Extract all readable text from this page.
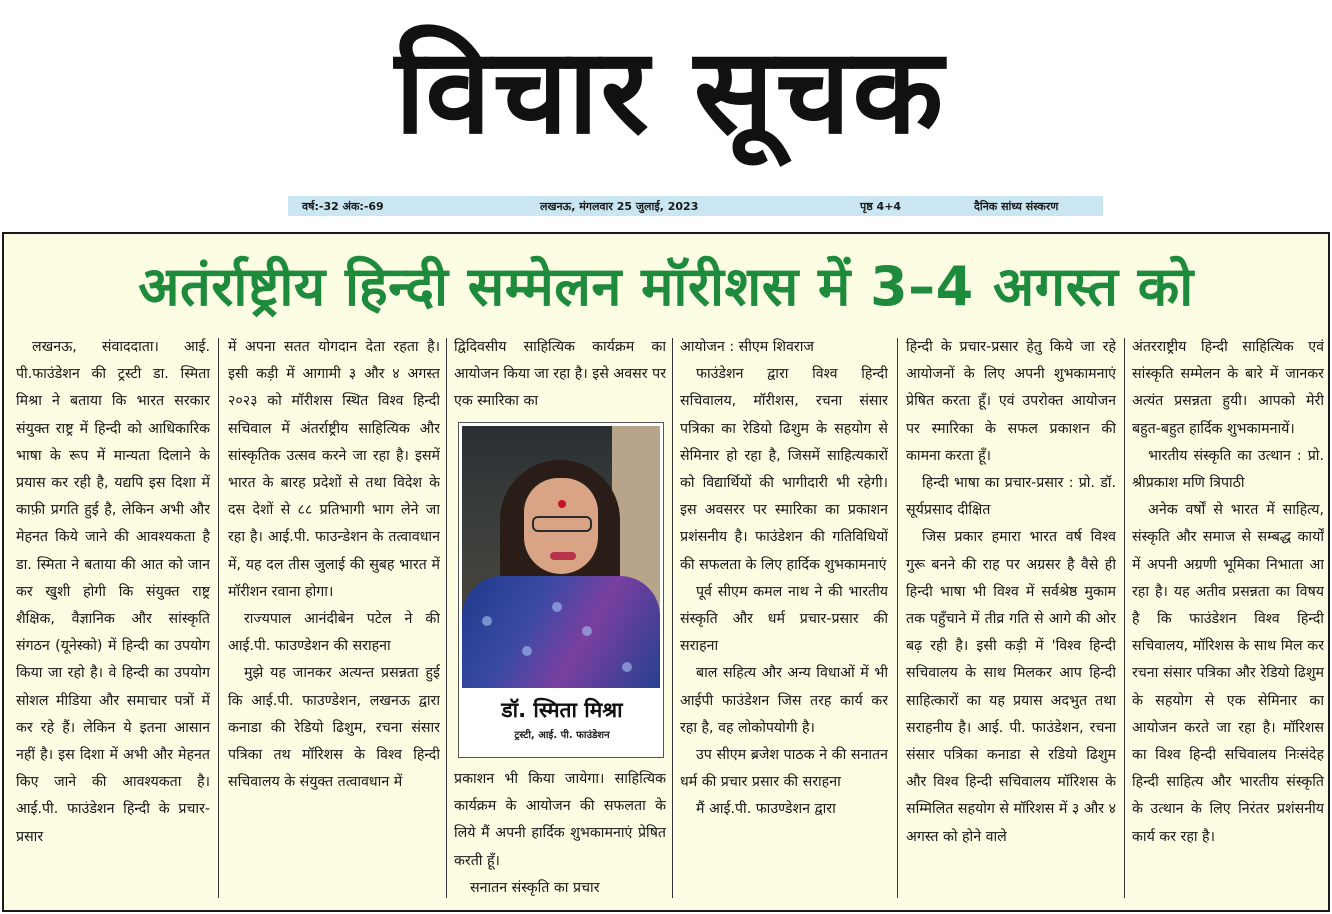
विचार सूचक
वर्ष:-32 अंक:-69	लखनऊ, मंगलवार 25 जुलाई, 2023	पृष्ठ 4+4	दैनिक सांध्य संस्करण
अतंर्राष्ट्रीय हिन्दी सम्मेलन मॉरीशस में 3–4 अगस्त को

लखनऊ, संवाददाता। आई. पी.फाउंडेशन की ट्रस्टी डा. स्मिता मिश्रा ने बताया कि भारत सरकार संयुक्त राष्ट्र में हिन्दी को आधिकारिक भाषा के रूप में मान्यता दिलाने के प्रयास कर रही है, यद्यपि इस दिशा में काफ़ी प्रगति हुई है, लेकिन अभी और मेहनत किये जाने की आवश्यकता है डा. स्मिता ने बताया की आत को जान कर खुशी होगी कि संयुक्त राष्ट्र शैक्षिक, वैज्ञानिक और सांस्कृति संगठन (यूनेस्को) में हिन्दी का उपयोग किया जा रहो है। वे हिन्दी का उपयोग सोशल मीडिया और समाचार पत्रों में कर रहे हैं। लेकिन ये इतना आसान नहीं है। इस दिशा में अभी और मेहनत किए जाने की आवश्यकता है। आई.पी. फाउंडेशन हिन्दी के प्रचार-प्रसार

में अपना सतत योगदान देता रहता है। इसी कड़ी में आगामी ३ और ४ अगस्त २०२३ को मॉरीशस स्थित विश्व हिन्दी सचिवाल में अंतर्राष्ट्रीय साहित्यिक और सांस्कृतिक उत्सव करने जा रहा है। इसमें भारत के बारह प्रदेशों से तथा विदेश के दस देशों से ८८ प्रतिभागी भाग लेने जा रहा है। आई.पी. फाउन्डेशन के तत्वावधान में, यह दल तीस जुलाई की सुबह भारत में मॉरीशन रवाना होगा।

राज्यपाल आनंदीबेन पटेल ने की आई.पी. फाउण्डेशन की सराहना

मुझे यह जानकर अत्यन्त प्रसन्नता हुई कि आई.पी. फाउण्डेशन, लखनऊ द्वारा कनाडा की रेडियो ढिशुम, रचना संसार पत्रिका तथ मॉरिशस के विश्व हिन्दी सचिवालय के संयुक्त तत्वावधान में

द्विदिवसीय साहित्यिक कार्यक्रम का आयोजन किया जा रहा है। इसे अवसर पर एक स्मारिका का

डॉ. स्मिता मिश्रा
ट्रस्टी, आई. पी. फाउंडेशन

प्रकाशन भी किया जायेगा। साहित्यिक कार्यक्रम के आयोजन की सफलता के लिये मैं अपनी हार्दिक शुभकामनाएं प्रेषित करती हूँ।

सनातन संस्कृति का प्रचार

आयोजन : सीएम शिवराज

फाउंडेशन द्वारा विश्व हिन्दी सचिवालय, मॉरीशस, रचना संसार पत्रिका का रेडियो ढिशुम के सहयोग से सेमिनार हो रहा है, जिसमें साहित्यकारों को विद्यार्थियों की भागीदारी भी रहेगी। इस अवसरर पर स्मारिका का प्रकाशन प्रशंसनीय है। फाउंडेशन की गतिविधियों की सफलता के लिए हार्दिक शुभकामनाएं

पूर्व सीएम कमल नाथ ने की भारतीय संस्कृति और धर्म प्रचार-प्रसार की सराहना

बाल सहित्य और अन्य विधाओं में भी आईपी फाउंडेशन जिस तरह कार्य कर रहा है, वह लोकोपयोगी है।

उप सीएम ब्रजेश पाठक ने की सनातन धर्म की प्रचार प्रसार की सराहना

मैं आई.पी. फाउण्डेशन द्वारा

हिन्दी के प्रचार-प्रसार हेतु किये जा रहे आयोजनों के लिए अपनी शुभकामनाएं प्रेषित करता हूँ। एवं उपरोक्त आयोजन पर स्मारिका के सफल प्रकाशन की कामना करता हूँ।

हिन्दी भाषा का प्रचार-प्रसार : प्रो. डॉ. सूर्यप्रसाद दीक्षित

जिस प्रकार हमारा भारत वर्ष विश्व गुरू बनने की राह पर अग्रसर है वैसे ही हिन्दी भाषा भी विश्व में सर्वश्रेष्ठ मुकाम तक पहुँचाने में तीव्र गति से आगे की ओर बढ़ रही है। इसी कड़ी में 'विश्व हिन्दी सचिवालय के साथ मिलकर आप हिन्दी साहित्कारों का यह प्रयास अदभुत तथा सराहनीय है। आई. पी. फाउंडेशन, रचना संसार पत्रिका कनाडा से रडियो ढिशुम और विश्व हिन्दी सचिवालय मॉरिशस के सम्मिलित सहयोग से मॉरिशस में ३ और ४ अगस्त को होने वाले

अंतरराष्ट्रीय हिन्दी साहित्यिक एवं सांस्कृति सम्मेलन के बारे में जानकर अत्यंत प्रसन्नता हुयी। आपको मेरी बहुत-बहुत हार्दिक शुभकामनायें।

भारतीय संस्कृति का उत्थान : प्रो. श्रीप्रकाश मणि त्रिपाठी

अनेक वर्षों से भारत में साहित्य, संस्कृति और समाज से सम्बद्ध कार्यों में अपनी अग्रणी भूमिका निभाता आ रहा है। यह अतीव प्रसन्नता का विषय है कि फाउंडेशन विश्व हिन्दी सचिवालय, मॉरिशस के साथ मिल कर रचना संसार पत्रिका और रेडियो ढिशुम के सहयोग से एक सेमिनार का आयोजन करते जा रहा है। मॉरिशस का विश्व हिन्दी सचिवालय निःसंदेह हिन्दी साहित्य और भारतीय संस्कृति के उत्थान के लिए निरंतर प्रशंसनीय कार्य कर रहा है।
